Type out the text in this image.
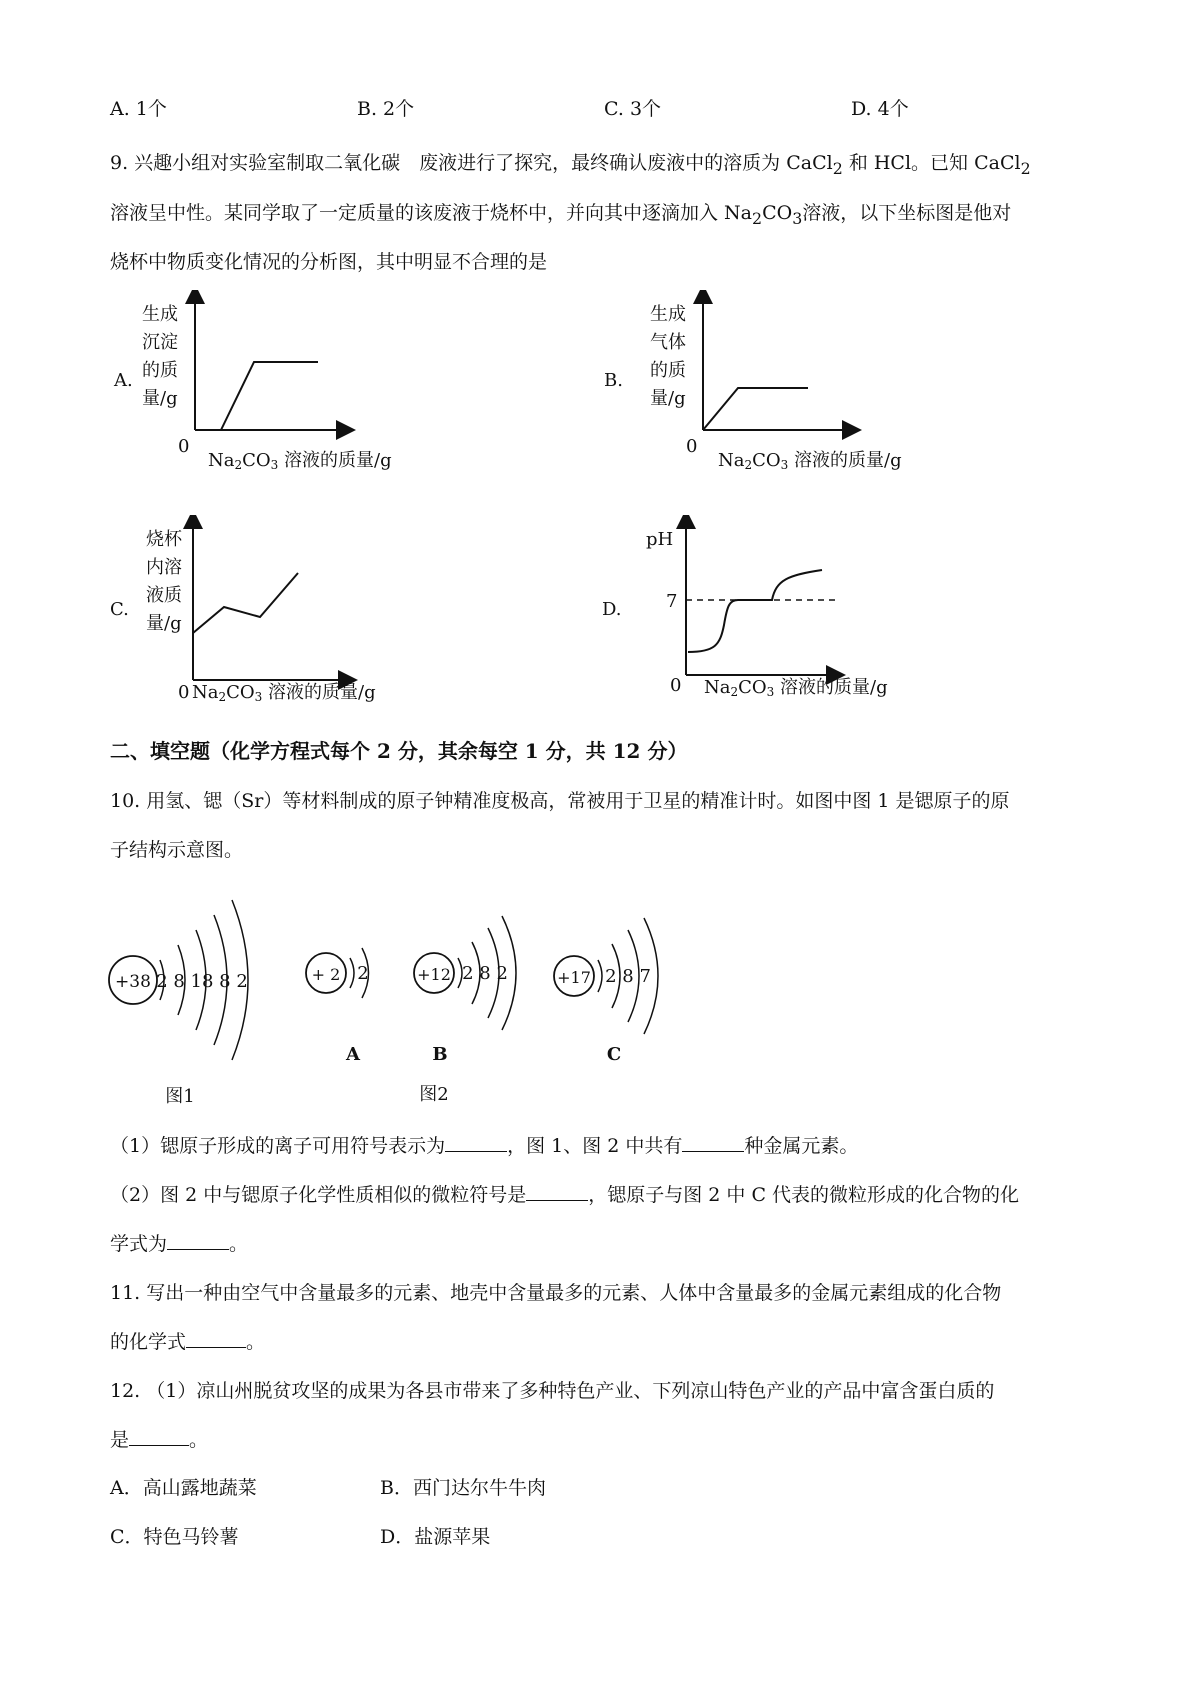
A. 1个	B. 2个	C. 3个	D. 4个
9. 兴趣小组对实验室制取二氧化碳　废液进行了探究，最终确认废液中的溶质为 CaCl$_2$ 和 HCl。已知 CaCl$_2$
溶液呈中性。某同学取了一定质量的该废液于烧杯中，并向其中逐滴加入 $Na_2CO_3$溶液，以下坐标图是他对
烧杯中物质变化情况的分析图，其中明显不合理的是
A.
生成
沉淀
的质
量/g
0
Na2CO3 溶液的质量/g
B.
生成
气体
的质
量/g
0
Na2CO3 溶液的质量/g
C.
烧杯
内溶
液质
量/g
0 Na2CO3 溶液的质量/g
D.
pH
7
0 Na2CO3 溶液的质量/g
二、填空题（化学方程式每个 2 分，其余每空 1 分，共 12 分）
10. 用氢、锶（Sr）等材料制成的原子钟精准度极高，常被用于卫星的精准计时。如图中图 1 是锶原子的原
子结构示意图。
+38 2 8 18 8 2
图1
+ 2 2
A
+12 2 8 2
B
图2
+17 2 8 7
C
（1）锶原子形成的离子可用符号表示为	，图 1、图 2 中共有	种金属元素。
（2）图 2 中与锶原子化学性质相似的微粒符号是	，锶原子与图 2 中 C 代表的微粒形成的化合物的化
学式为	。
11. 写出一种由空气中含量最多的元素、地壳中含量最多的元素、人体中含量最多的金属元素组成的化合物
的化学式	。
12. （1）凉山州脱贫攻坚的成果为各县市带来了多种特色产业、下列凉山特色产业的产品中富含蛋白质的
是	。
A．高山露地蔬菜	B．西门达尔牛牛肉
C．特色马铃薯	D．盐源苹果
